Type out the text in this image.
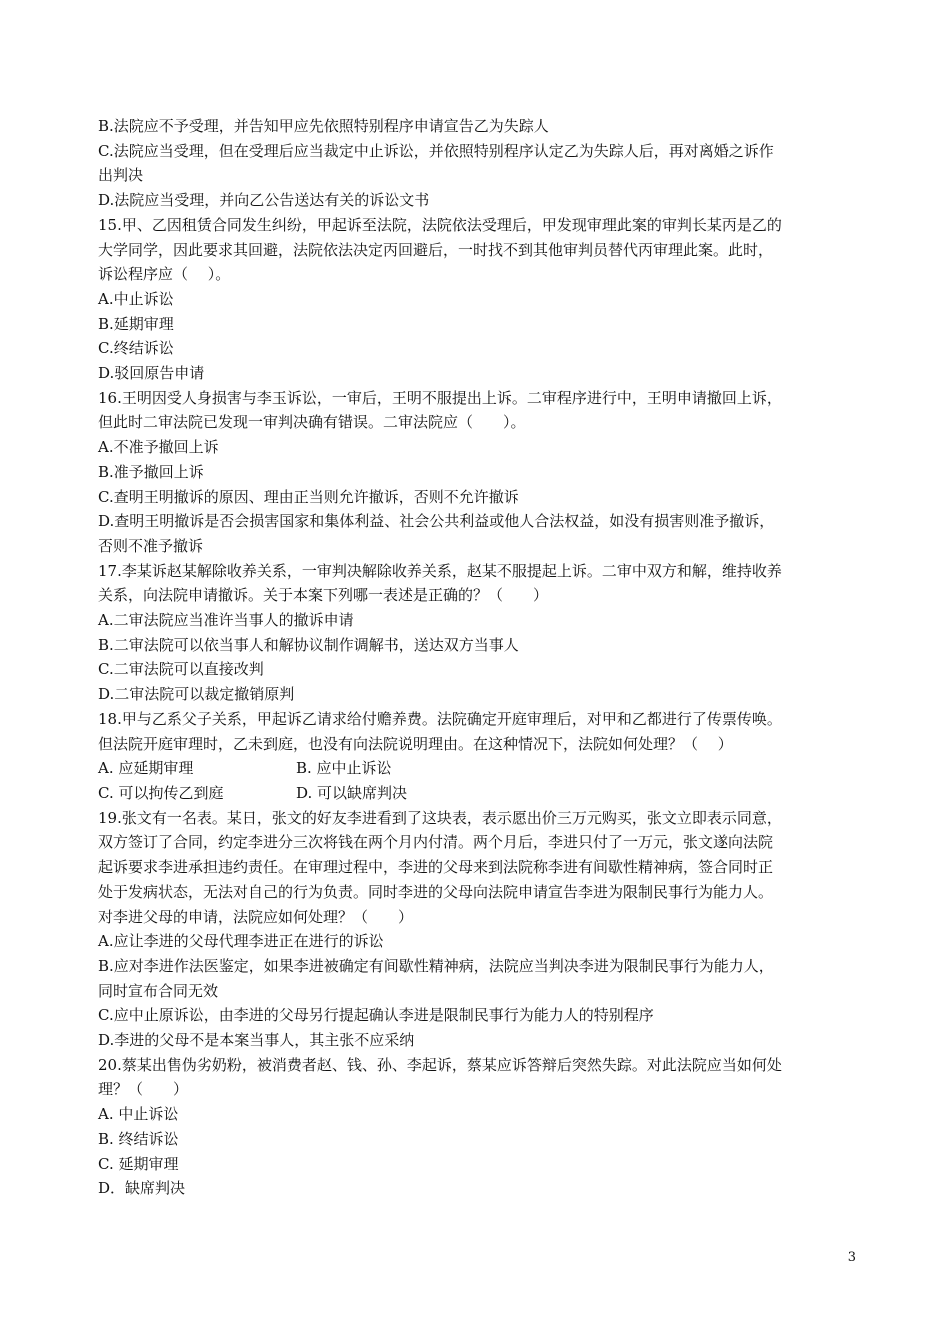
B.法院应不予受理，并告知甲应先依照特别程序申请宣告乙为失踪人
C.法院应当受理，但在受理后应当裁定中止诉讼，并依照特别程序认定乙为失踪人后，再对离婚之诉作
出判决
D.法院应当受理，并向乙公告送达有关的诉讼文书
15.甲、乙因租赁合同发生纠纷，甲起诉至法院，法院依法受理后，甲发现审理此案的审判长某丙是乙的
大学同学，因此要求其回避，法院依法决定丙回避后，一时找不到其他审判员替代丙审理此案。此时，
诉讼程序应（　 ）。
A.中止诉讼
B.延期审理
C.终结诉讼
D.驳回原告申请
16.王明因受人身损害与李玉诉讼，一审后，王明不服提出上诉。二审程序进行中，王明申请撤回上诉，
但此时二审法院已发现一审判决确有错误。二审法院应（　　）。
A.不准予撤回上诉
B.准予撤回上诉
C.查明王明撤诉的原因、理由正当则允许撤诉，否则不允许撤诉
D.查明王明撤诉是否会损害国家和集体利益、社会公共利益或他人合法权益，如没有损害则准予撤诉，
否则不准予撤诉
17.李某诉赵某解除收养关系，一审判决解除收养关系，赵某不服提起上诉。二审中双方和解，维持收养
关系，向法院申请撤诉。关于本案下列哪一表述是正确的？（　　）
A.二审法院应当准许当事人的撤诉申请
B.二审法院可以依当事人和解协议制作调解书，送达双方当事人
C.二审法院可以直接改判
D.二审法院可以裁定撤销原判
18.甲与乙系父子关系，甲起诉乙请求给付赡养费。法院确定开庭审理后，对甲和乙都进行了传票传唤。
但法院开庭审理时，乙未到庭，也没有向法院说明理由。在这种情况下，法院如何处理？（　 ）
A. 应延期审理	B. 应中止诉讼
C. 可以拘传乙到庭	D. 可以缺席判决
19.张文有一名表。某日，张文的好友李进看到了这块表，表示愿出价三万元购买，张文立即表示同意，
双方签订了合同，约定李进分三次将钱在两个月内付清。两个月后，李进只付了一万元，张文遂向法院
起诉要求李进承担违约责任。在审理过程中，李进的父母来到法院称李进有间歇性精神病，签合同时正
处于发病状态，无法对自己的行为负责。同时李进的父母向法院申请宣告李进为限制民事行为能力人。
对李进父母的申请，法院应如何处理？（　　）
A.应让李进的父母代理李进正在进行的诉讼
B.应对李进作法医鉴定，如果李进被确定有间歇性精神病，法院应当判决李进为限制民事行为能力人，
同时宣布合同无效
C.应中止原诉讼，由李进的父母另行提起确认李进是限制民事行为能力人的特别程序
D.李进的父母不是本案当事人，其主张不应采纳
20.蔡某出售伪劣奶粉，被消费者赵、钱、孙、李起诉，蔡某应诉答辩后突然失踪。对此法院应当如何处
理？（　　）
A. 中止诉讼
B. 终结诉讼
C. 延期审理
D．缺席判决
3
